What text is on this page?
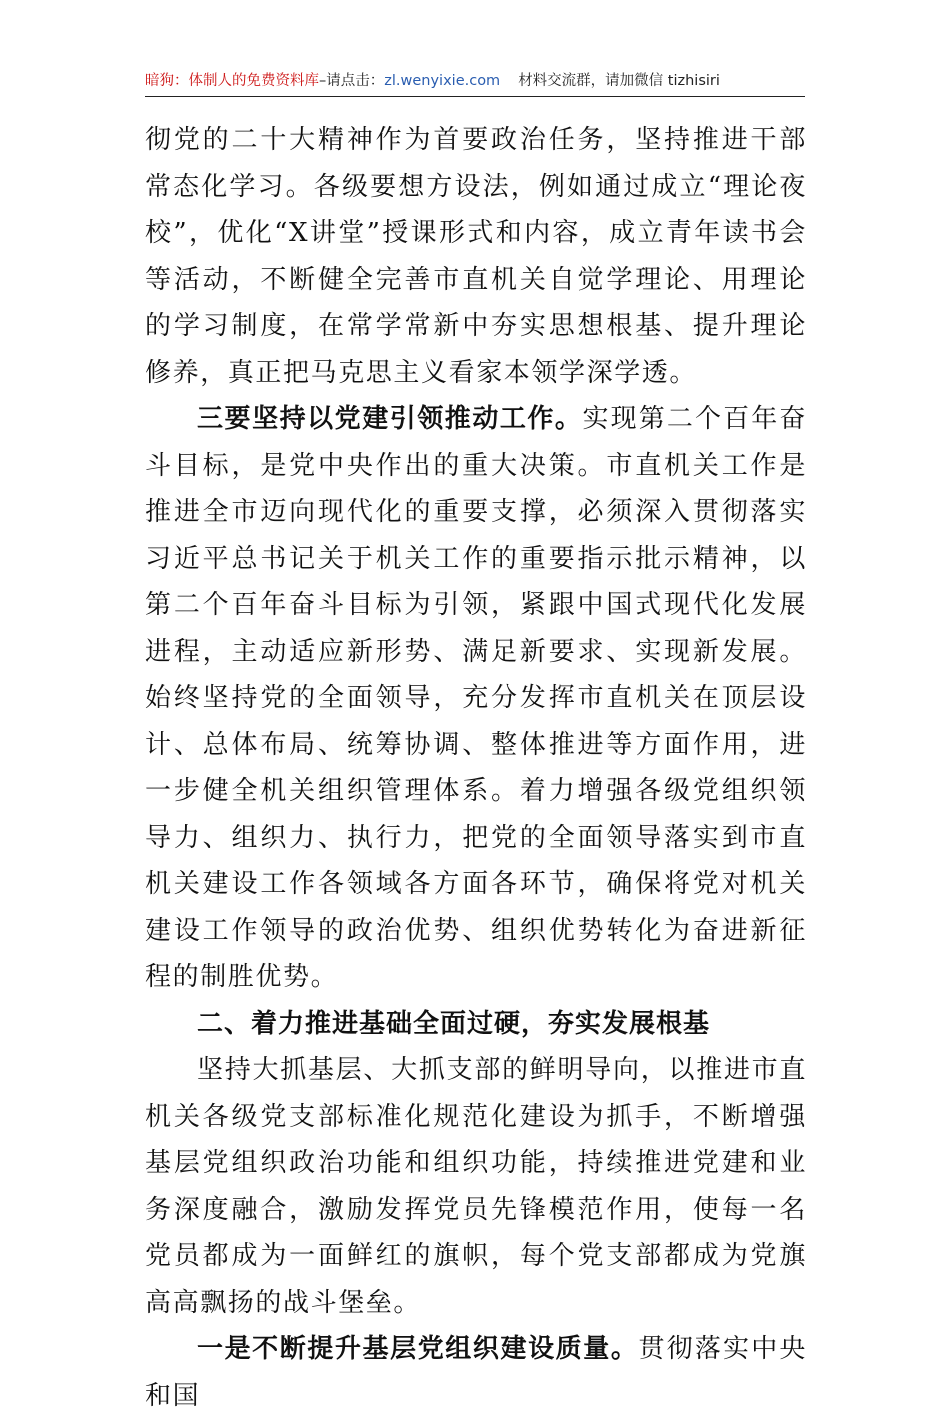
暗狗：体制人的免费资料库–请点击：zl.wenyixie.com 材料交流群，请加微信 tizhisiri

彻党的二十大精神作为首要政治任务，坚持推进干部常态化学习。各级要想方设法，例如通过成立“理论夜校”，优化“X讲堂”授课形式和内容，成立青年读书会等活动，不断健全完善市直机关自觉学理论、用理论的学习制度，在常学常新中夯实思想根基、提升理论修养，真正把马克思主义看家本领学深学透。

三要坚持以党建引领推动工作。实现第二个百年奋斗目标，是党中央作出的重大决策。市直机关工作是推进全市迈向现代化的重要支撑，必须深入贯彻落实习近平总书记关于机关工作的重要指示批示精神，以第二个百年奋斗目标为引领，紧跟中国式现代化发展进程，主动适应新形势、满足新要求、实现新发展。始终坚持党的全面领导，充分发挥市直机关在顶层设计、总体布局、统筹协调、整体推进等方面作用，进一步健全机关组织管理体系。着力增强各级党组织领导力、组织力、执行力，把党的全面领导落实到市直机关建设工作各领域各方面各环节，确保将党对机关建设工作领导的政治优势、组织优势转化为奋进新征程的制胜优势。

二、着力推进基础全面过硬，夯实发展根基

坚持大抓基层、大抓支部的鲜明导向，以推进市直机关各级党支部标准化规范化建设为抓手，不断增强基层党组织政治功能和组织功能，持续推进党建和业务深度融合，激励发挥党员先锋模范作用，使每一名党员都成为一面鲜红的旗帜，每个党支部都成为党旗高高飘扬的战斗堡垒。

一是不断提升基层党组织建设质量。贯彻落实中央和国
